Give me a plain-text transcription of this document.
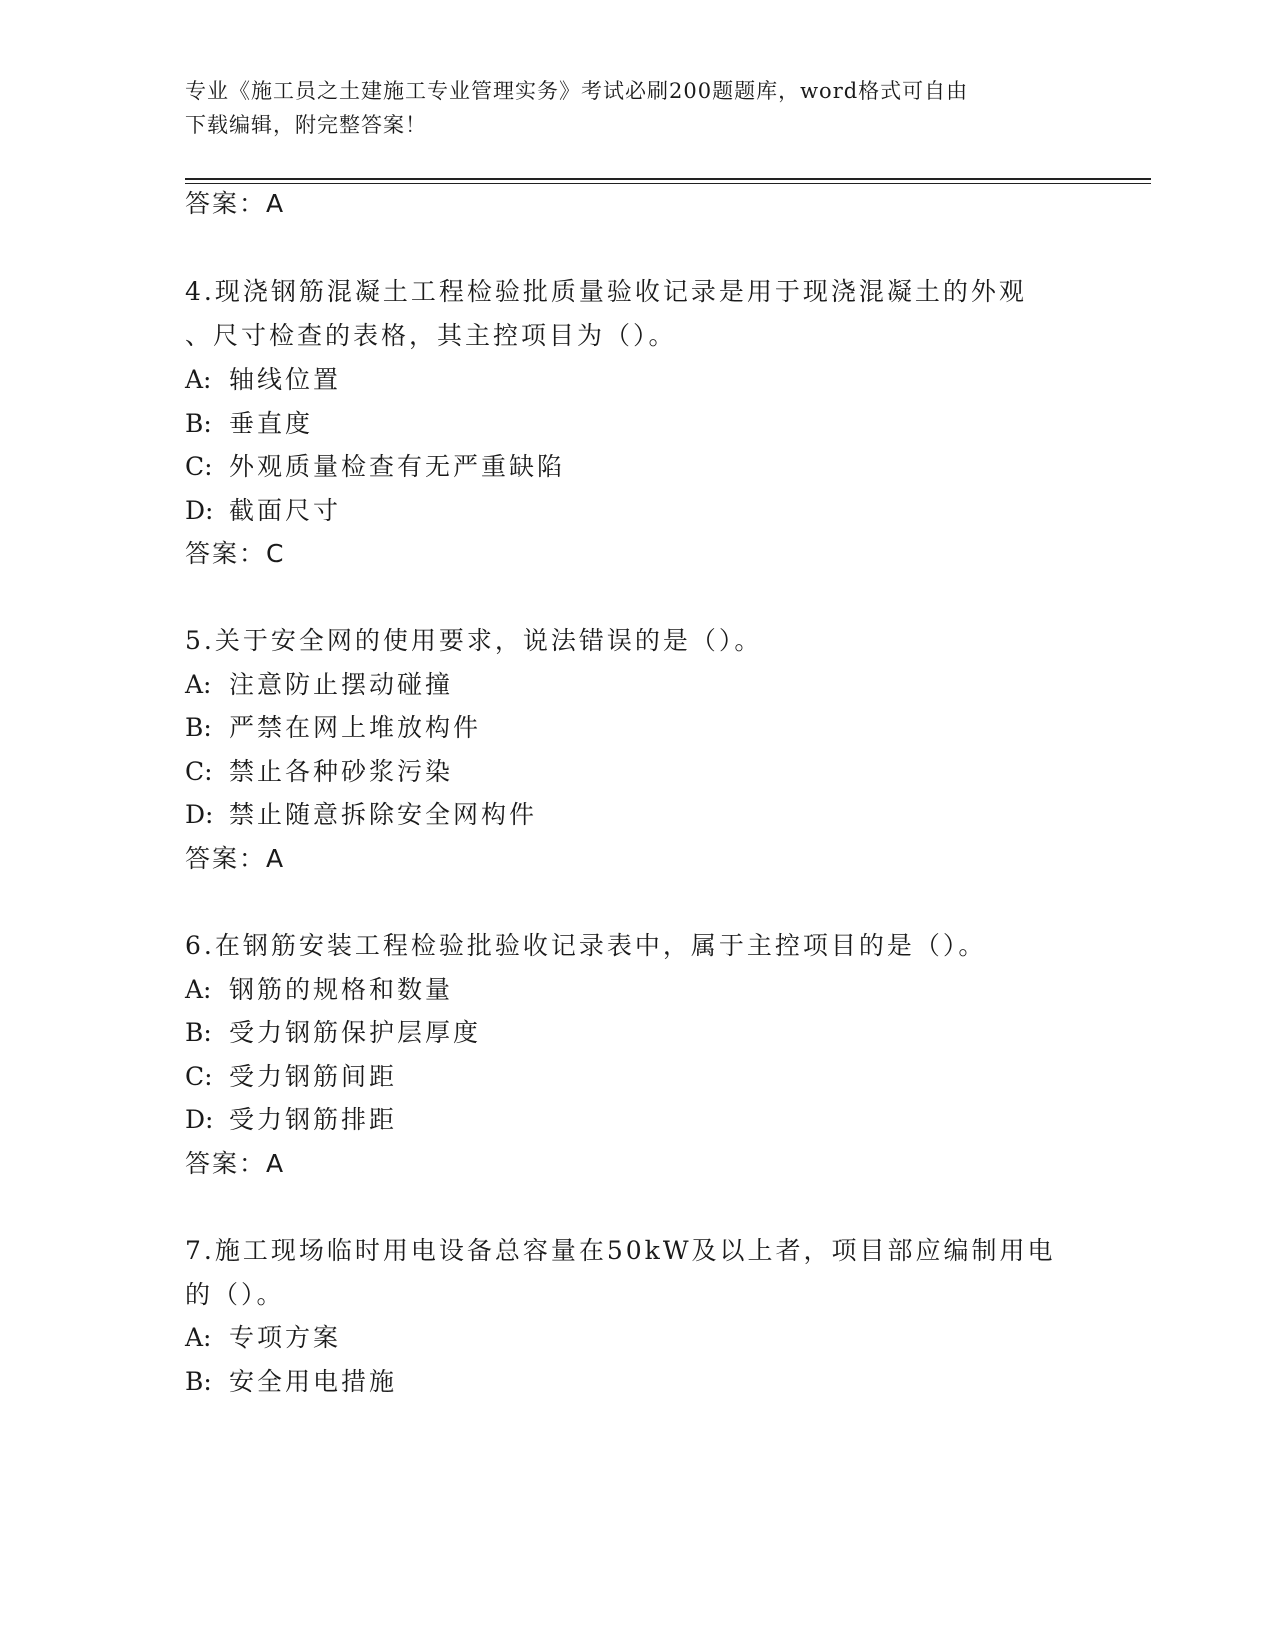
专业《施工员之土建施工专业管理实务》考试必刷200题题库，word格式可自由
下载编辑，附完整答案！
答案：A
4.现浇钢筋混凝土工程检验批质量验收记录是用于现浇混凝土的外观
、尺寸检查的表格，其主控项目为（）。
A: 轴线位置
B: 垂直度
C: 外观质量检查有无严重缺陷
D: 截面尺寸
答案：C
5.关于安全网的使用要求，说法错误的是（）。
A: 注意防止摆动碰撞
B: 严禁在网上堆放构件
C: 禁止各种砂浆污染
D: 禁止随意拆除安全网构件
答案：A
6.在钢筋安装工程检验批验收记录表中，属于主控项目的是（）。
A: 钢筋的规格和数量
B: 受力钢筋保护层厚度
C: 受力钢筋间距
D: 受力钢筋排距
答案：A
7.施工现场临时用电设备总容量在50kW及以上者，项目部应编制用电
的（）。
A: 专项方案
B: 安全用电措施
